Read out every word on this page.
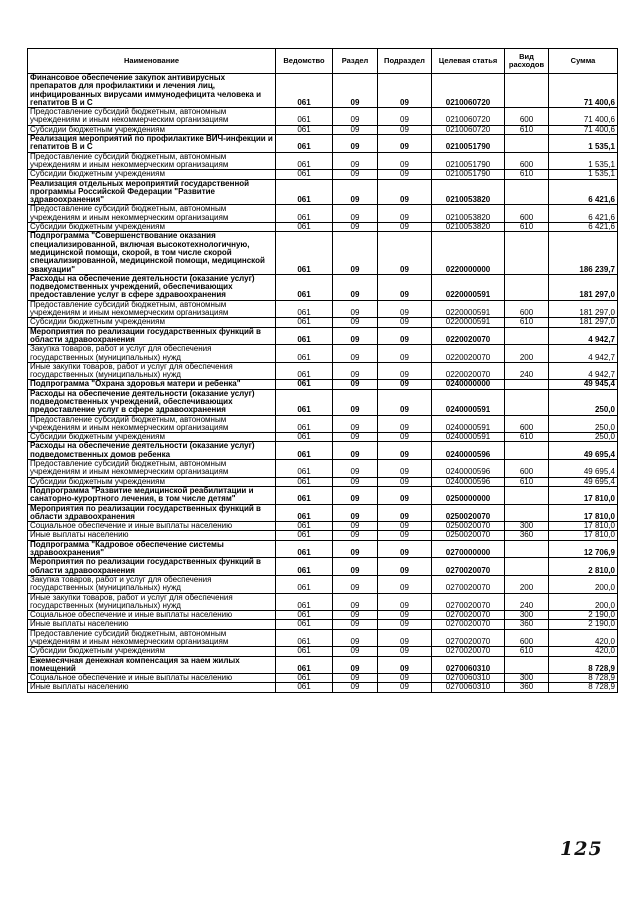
Наименование	Ведомство	Раздел	Подраздел	Целевая статья	Вид расходов	Сумма
Финансовое обеспечение закупок антивирусных препаратов для профилактики и лечения лиц, инфицированных вирусами иммунодефицита человека и гепатитов B и C	061	09	09	0210060720		71 400,6
Предоставление субсидий бюджетным, автономным учреждениям и иным некоммерческим организациям	061	09	09	0210060720	600	71 400,6
Субсидии бюджетным учреждениям	061	09	09	0210060720	610	71 400,6
Реализация мероприятий по профилактике ВИЧ-инфекции и гепатитов B и C	061	09	09	0210051790		1 535,1
Предоставление субсидий бюджетным, автономным учреждениям и иным некоммерческим организациям	061	09	09	0210051790	600	1 535,1
Субсидии бюджетным учреждениям	061	09	09	0210051790	610	1 535,1
Реализация отдельных мероприятий государственной программы Российской Федерации "Развитие здравоохранения"	061	09	09	0210053820		6 421,6
Предоставление субсидий бюджетным, автономным учреждениям и иным некоммерческим организациям	061	09	09	0210053820	600	6 421,6
Субсидии бюджетным учреждениям	061	09	09	0210053820	610	6 421,6
Подпрограмма "Совершенствование оказания специализированной, включая высокотехнологичную, медицинской помощи, скорой, в том числе скорой специализированной, медицинской помощи, медицинской эвакуации"	061	09	09	0220000000		186 239,7
Расходы на обеспечение деятельности (оказание услуг) подведомственных учреждений, обеспечивающих предоставление услуг в сфере здравоохранения	061	09	09	0220000591		181 297,0
Предоставление субсидий бюджетным, автономным учреждениям и иным некоммерческим организациям	061	09	09	0220000591	600	181 297,0
Субсидии бюджетным учреждениям	061	09	09	0220000591	610	181 297,0
Мероприятия по реализации государственных функций в области здравоохранения	061	09	09	0220020070		4 942,7
Закупка товаров, работ и услуг для обеспечения государственных (муниципальных) нужд	061	09	09	0220020070	200	4 942,7
Иные закупки товаров, работ и услуг для обеспечения государственных (муниципальных) нужд	061	09	09	0220020070	240	4 942,7
Подпрограмма "Охрана здоровья матери и ребенка"	061	09	09	0240000000		49 945,4
Расходы на обеспечение деятельности (оказание услуг) подведомственных учреждений, обеспечивающих предоставление услуг в сфере здравоохранения	061	09	09	0240000591		250,0
Предоставление субсидий бюджетным, автономным учреждениям и иным некоммерческим организациям	061	09	09	0240000591	600	250,0
Субсидии бюджетным учреждениям	061	09	09	0240000591	610	250,0
Расходы на обеспечение деятельности (оказание услуг) подведомственных домов ребенка	061	09	09	0240000596		49 695,4
Предоставление субсидий бюджетным, автономным учреждениям и иным некоммерческим организациям	061	09	09	0240000596	600	49 695,4
Субсидии бюджетным учреждениям	061	09	09	0240000596	610	49 695,4
Подпрограмма "Развитие медицинской реабилитации и санаторно-курортного лечения, в том числе детям"	061	09	09	0250000000		17 810,0
Мероприятия по реализации государственных функций в области здравоохранения	061	09	09	0250020070		17 810,0
Социальное обеспечение и иные выплаты населению	061	09	09	0250020070	300	17 810,0
Иные выплаты населению	061	09	09	0250020070	360	17 810,0
Подпрограмма "Кадровое обеспечение системы здравоохранения"	061	09	09	0270000000		12 706,9
Мероприятия по реализации государственных функций в области здравоохранения	061	09	09	0270020070		2 810,0
Закупка товаров, работ и услуг для обеспечения государственных (муниципальных) нужд	061	09	09	0270020070	200	200,0
Иные закупки товаров, работ и услуг для обеспечения государственных (муниципальных) нужд	061	09	09	0270020070	240	200,0
Социальное обеспечение и иные выплаты населению	061	09	09	0270020070	300	2 190,0
Иные выплаты населению	061	09	09	0270020070	360	2 190,0
Предоставление субсидий бюджетным, автономным учреждениям и иным некоммерческим организациям	061	09	09	0270020070	600	420,0
Субсидии бюджетным учреждениям	061	09	09	0270020070	610	420,0
Ежемесячная денежная компенсация за наем жилых помещений	061	09	09	0270060310		8 728,9
Социальное обеспечение и иные выплаты населению	061	09	09	0270060310	300	8 728,9
Иные выплаты населению	061	09	09	0270060310	360	8 728,9
125
